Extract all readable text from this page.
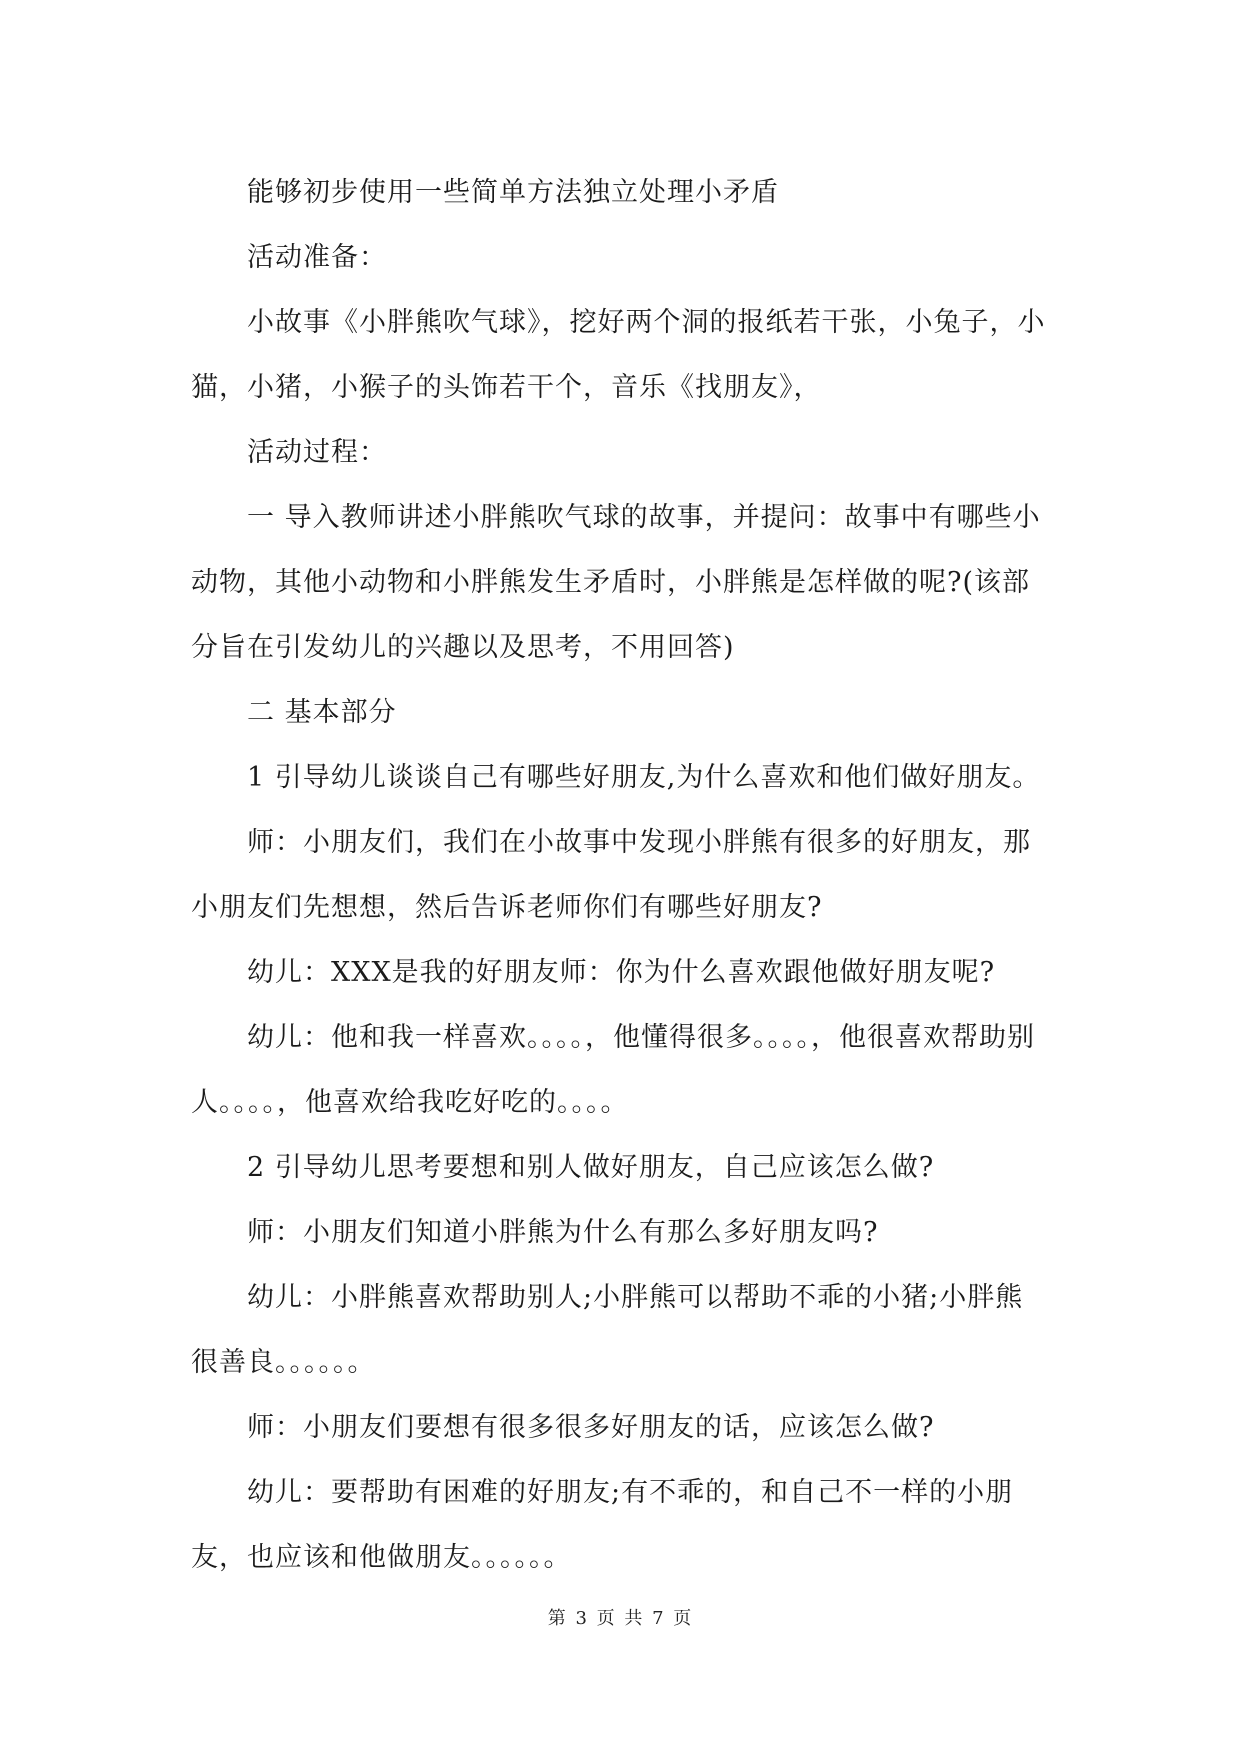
能够初步使用一些简单方法独立处理小矛盾

活动准备：

小故事《小胖熊吹气球》，挖好两个洞的报纸若干张，小兔子，小猫，小猪，小猴子的头饰若干个，音乐《找朋友》，

活动过程：

一 导入教师讲述小胖熊吹气球的故事，并提问：故事中有哪些小动物，其他小动物和小胖熊发生矛盾时，小胖熊是怎样做的呢?(该部分旨在引发幼儿的兴趣以及思考，不用回答)

二 基本部分

1 引导幼儿谈谈自己有哪些好朋友,为什么喜欢和他们做好朋友。

师：小朋友们，我们在小故事中发现小胖熊有很多的好朋友，那小朋友们先想想，然后告诉老师你们有哪些好朋友?

幼儿：XXX是我的好朋友师：你为什么喜欢跟他做好朋友呢?

幼儿：他和我一样喜欢。。。。，他懂得很多。。。。，他很喜欢帮助别人。。。。，他喜欢给我吃好吃的。。。。

2 引导幼儿思考要想和别人做好朋友，自己应该怎么做?

师：小朋友们知道小胖熊为什么有那么多好朋友吗?

幼儿：小胖熊喜欢帮助别人;小胖熊可以帮助不乖的小猪;小胖熊很善良。。。。。。

师：小朋友们要想有很多很多好朋友的话，应该怎么做?

幼儿：要帮助有困难的好朋友;有不乖的，和自己不一样的小朋友，也应该和他做朋友。。。。。。

第 3 页 共 7 页
